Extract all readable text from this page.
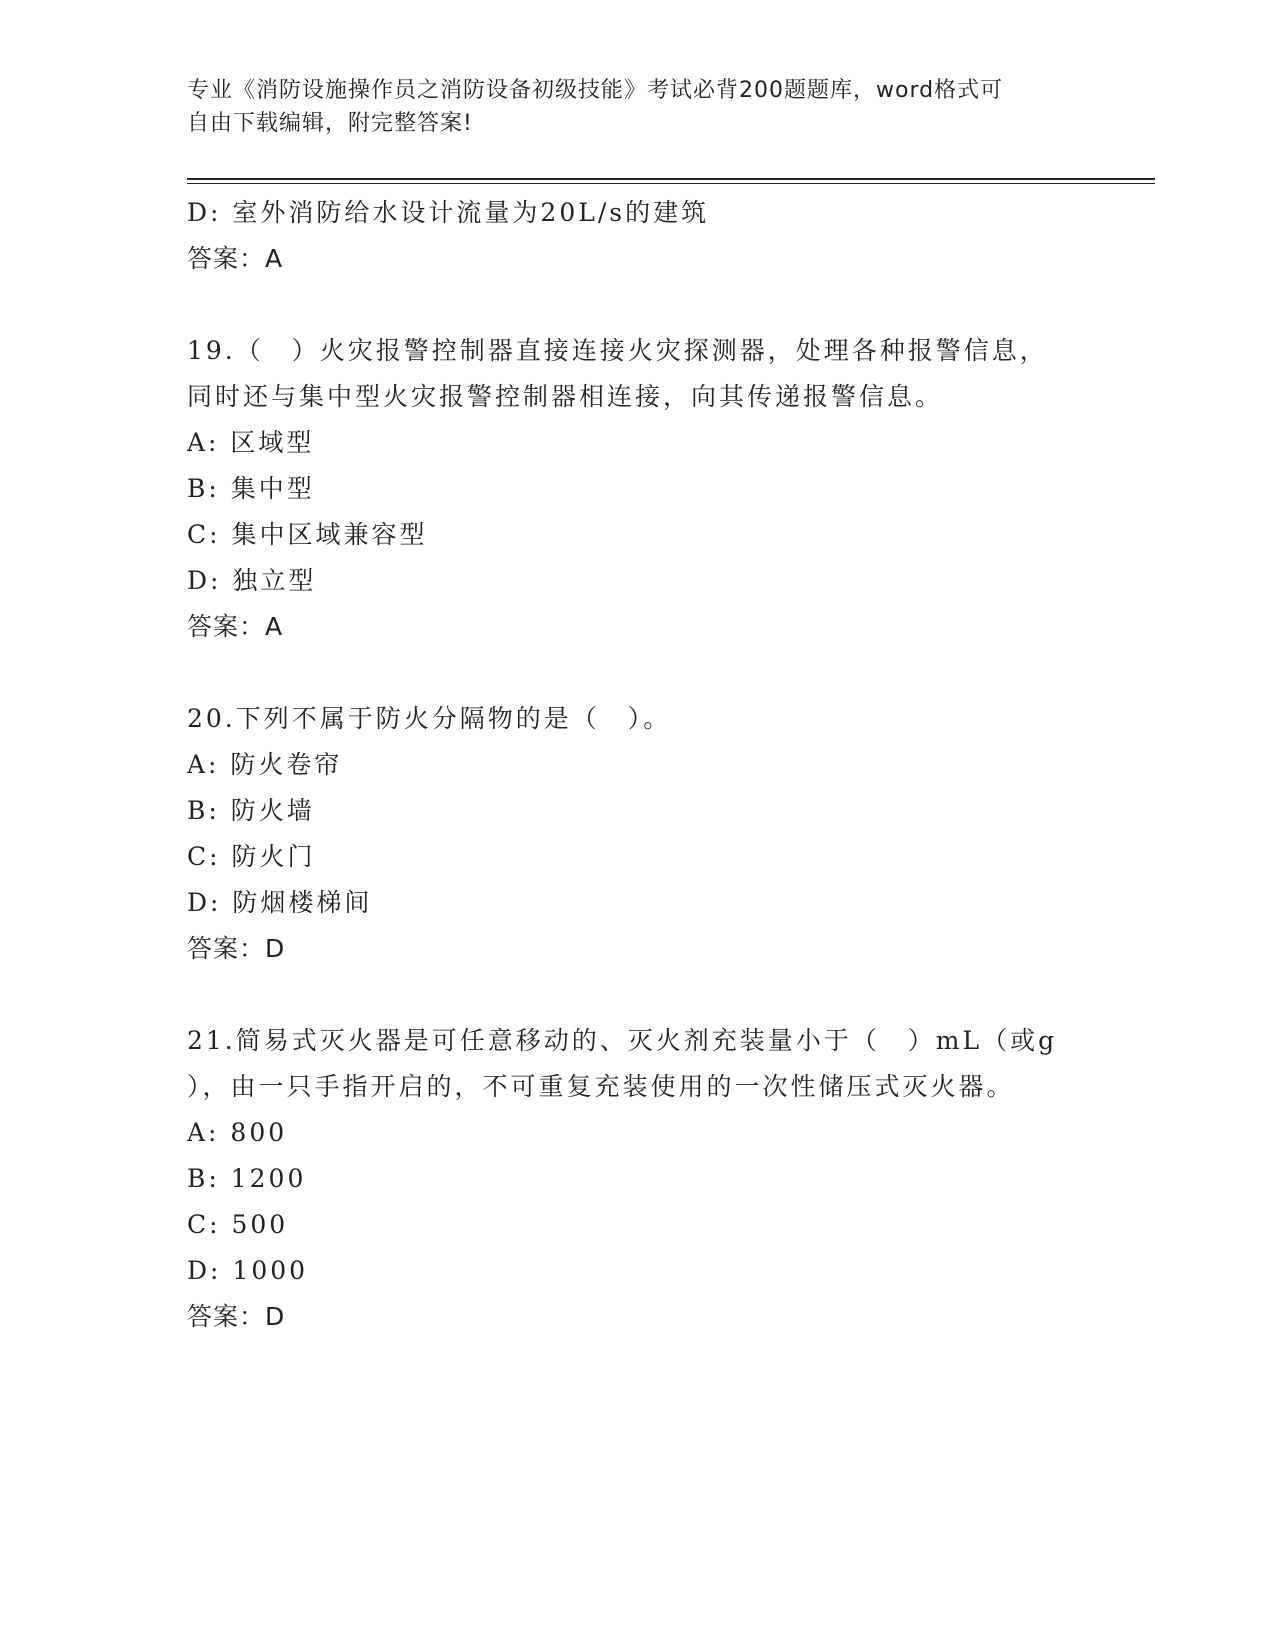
专业《消防设施操作员之消防设备初级技能》考试必背200题题库，word格式可
自由下载编辑，附完整答案!
D: 室外消防给水设计流量为20L/s的建筑
答案：A
19.（　）火灾报警控制器直接连接火灾探测器，处理各种报警信息，
同时还与集中型火灾报警控制器相连接，向其传递报警信息。
A: 区域型
B: 集中型
C: 集中区域兼容型
D: 独立型
答案：A
20.下列不属于防火分隔物的是（　）。
A: 防火卷帘
B: 防火墙
C: 防火门
D: 防烟楼梯间
答案：D
21.简易式灭火器是可任意移动的、灭火剂充装量小于（　）mL（或g
），由一只手指开启的，不可重复充装使用的一次性储压式灭火器。
A: 800
B: 1200
C: 500
D: 1000
答案：D
